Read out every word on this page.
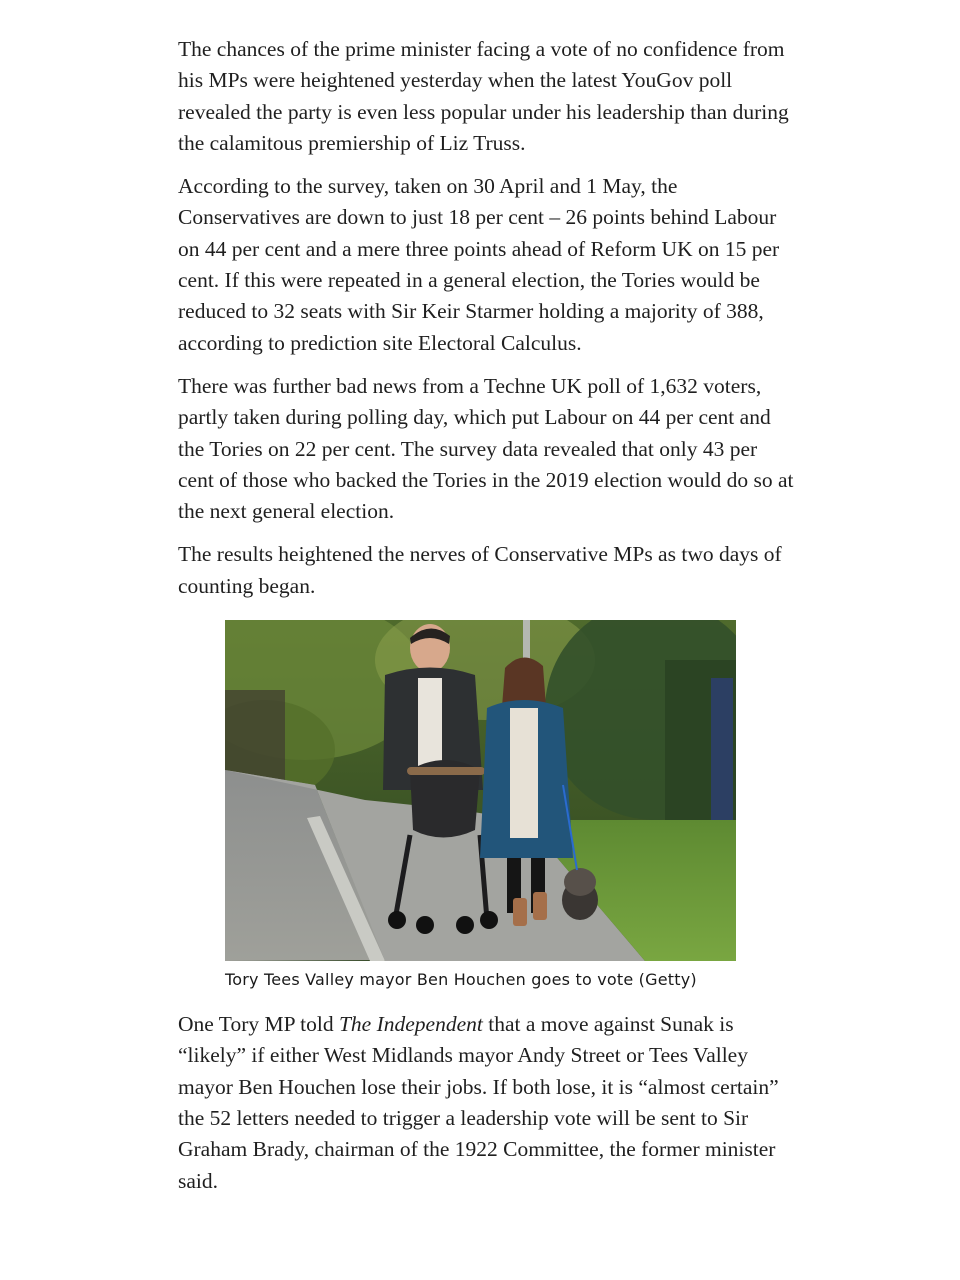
The chances of the prime minister facing a vote of no confidence from his MPs were heightened yesterday when the latest YouGov poll revealed the party is even less popular under his leadership than during the calamitous premiership of Liz Truss.

According to the survey, taken on 30 April and 1 May, the Conservatives are down to just 18 per cent – 26 points behind Labour on 44 per cent and a mere three points ahead of Reform UK on 15 per cent. If this were repeated in a general election, the Tories would be reduced to 32 seats with Sir Keir Starmer holding a majority of 388, according to prediction site Electoral Calculus.

There was further bad news from a Techne UK poll of 1,632 voters, partly taken during polling day, which put Labour on 44 per cent and the Tories on 22 per cent. The survey data revealed that only 43 per cent of those who backed the Tories in the 2019 election would do so at the next general election.

The results heightened the nerves of Conservative MPs as two days of counting began.

Tory Tees Valley mayor Ben Houchen goes to vote (Getty)

One Tory MP told The Independent that a move against Sunak is “likely” if either West Midlands mayor Andy Street or Tees Valley mayor Ben Houchen lose their jobs. If both lose, it is “almost certain” the 52 letters needed to trigger a leadership vote will be sent to Sir Graham Brady, chairman of the 1922 Committee, the former minister said.
